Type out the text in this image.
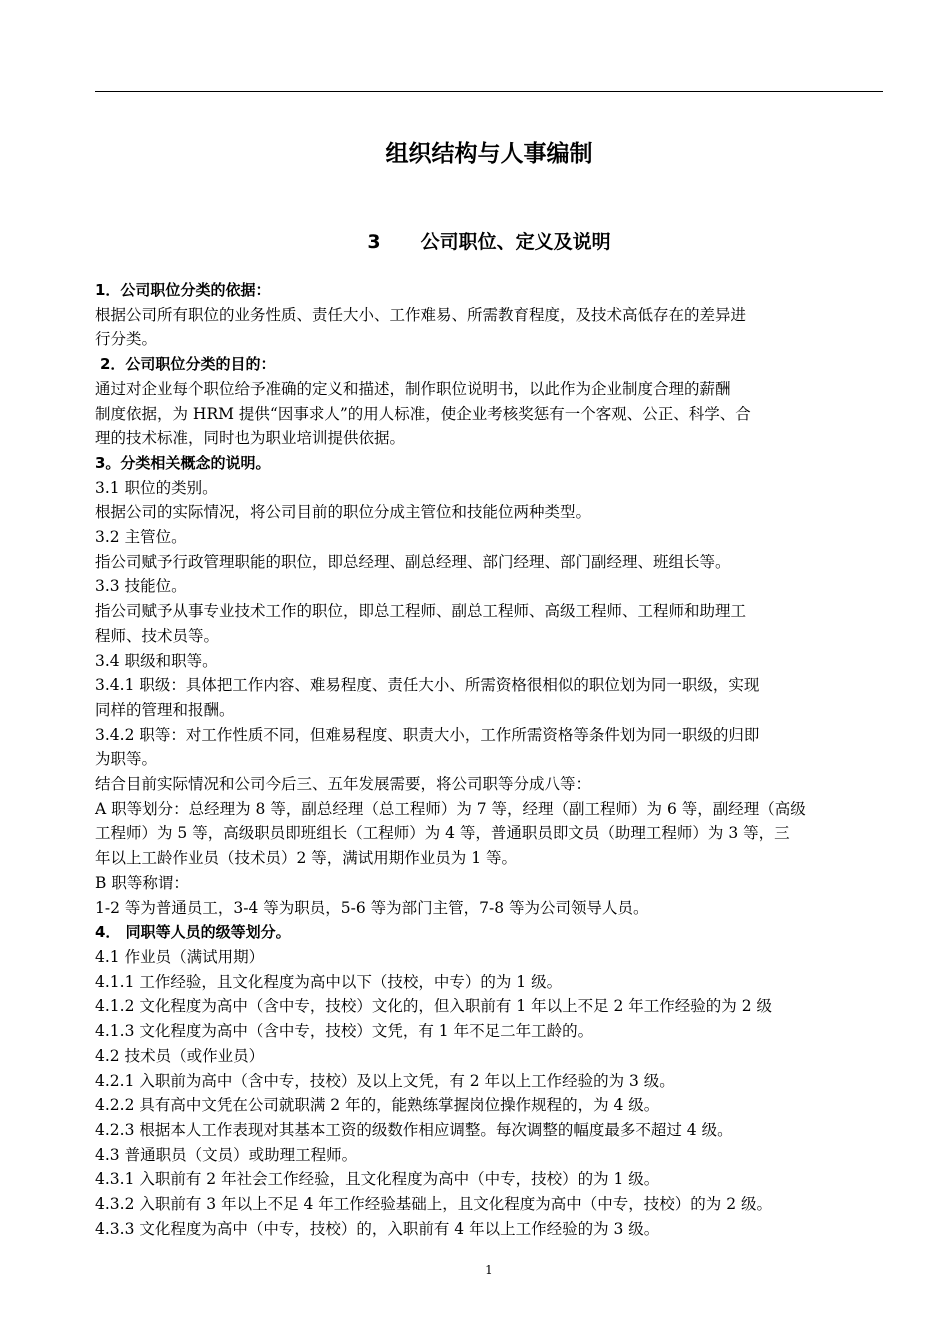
组织结构与人事编制
3 公司职位、定义及说明
1．公司职位分类的依据：
根据公司所有职位的业务性质、责任大小、工作难易、所需教育程度，及技术高低存在的差异进
行分类。
2．公司职位分类的目的：
通过对企业每个职位给予准确的定义和描述，制作职位说明书，以此作为企业制度合理的薪酬
制度依据，为 HRM 提供“因事求人”的用人标准，使企业考核奖惩有一个客观、公正、科学、合
理的技术标准，同时也为职业培训提供依据。
3。分类相关概念的说明。
3.1 职位的类别。
根据公司的实际情况，将公司目前的职位分成主管位和技能位两种类型。
3.2 主管位。
指公司赋予行政管理职能的职位，即总经理、副总经理、部门经理、部门副经理、班组长等。
3.3 技能位。
指公司赋予从事专业技术工作的职位，即总工程师、副总工程师、高级工程师、工程师和助理工
程师、技术员等。
3.4 职级和职等。
3.4.1 职级：具体把工作内容、难易程度、责任大小、所需资格很相似的职位划为同一职级，实现
同样的管理和报酬。
3.4.2 职等：对工作性质不同，但难易程度、职责大小，工作所需资格等条件划为同一职级的归即
为职等。
结合目前实际情况和公司今后三、五年发展需要，将公司职等分成八等：
A 职等划分：总经理为 8 等，副总经理（总工程师）为 7 等，经理（副工程师）为 6 等，副经理（高级
工程师）为 5 等，高级职员即班组长（工程师）为 4 等，普通职员即文员（助理工程师）为 3 等，三
年以上工龄作业员（技术员）2 等，满试用期作业员为 1 等。
B 职等称谓：
1-2 等为普通员工，3-4 等为职员，5-6 等为部门主管，7-8 等为公司领导人员。
4． 同职等人员的级等划分。
4.1 作业员（满试用期）
4.1.1 工作经验，且文化程度为高中以下（技校，中专）的为 1 级。
4.1.2 文化程度为高中（含中专，技校）文化的，但入职前有 1 年以上不足 2 年工作经验的为 2 级
4.1.3 文化程度为高中（含中专，技校）文凭，有 1 年不足二年工龄的。
4.2 技术员（或作业员）
4.2.1 入职前为高中（含中专，技校）及以上文凭，有 2 年以上工作经验的为 3 级。
4.2.2 具有高中文凭在公司就职满 2 年的，能熟练掌握岗位操作规程的，为 4 级。
4.2.3 根据本人工作表现对其基本工资的级数作相应调整。每次调整的幅度最多不超过 4 级。
4.3 普通职员（文员）或助理工程师。
4.3.1 入职前有 2 年社会工作经验，且文化程度为高中（中专，技校）的为 1 级。
4.3.2 入职前有 3 年以上不足 4 年工作经验基础上，且文化程度为高中（中专，技校）的为 2 级。
4.3.3 文化程度为高中（中专，技校）的，入职前有 4 年以上工作经验的为 3 级。
1
